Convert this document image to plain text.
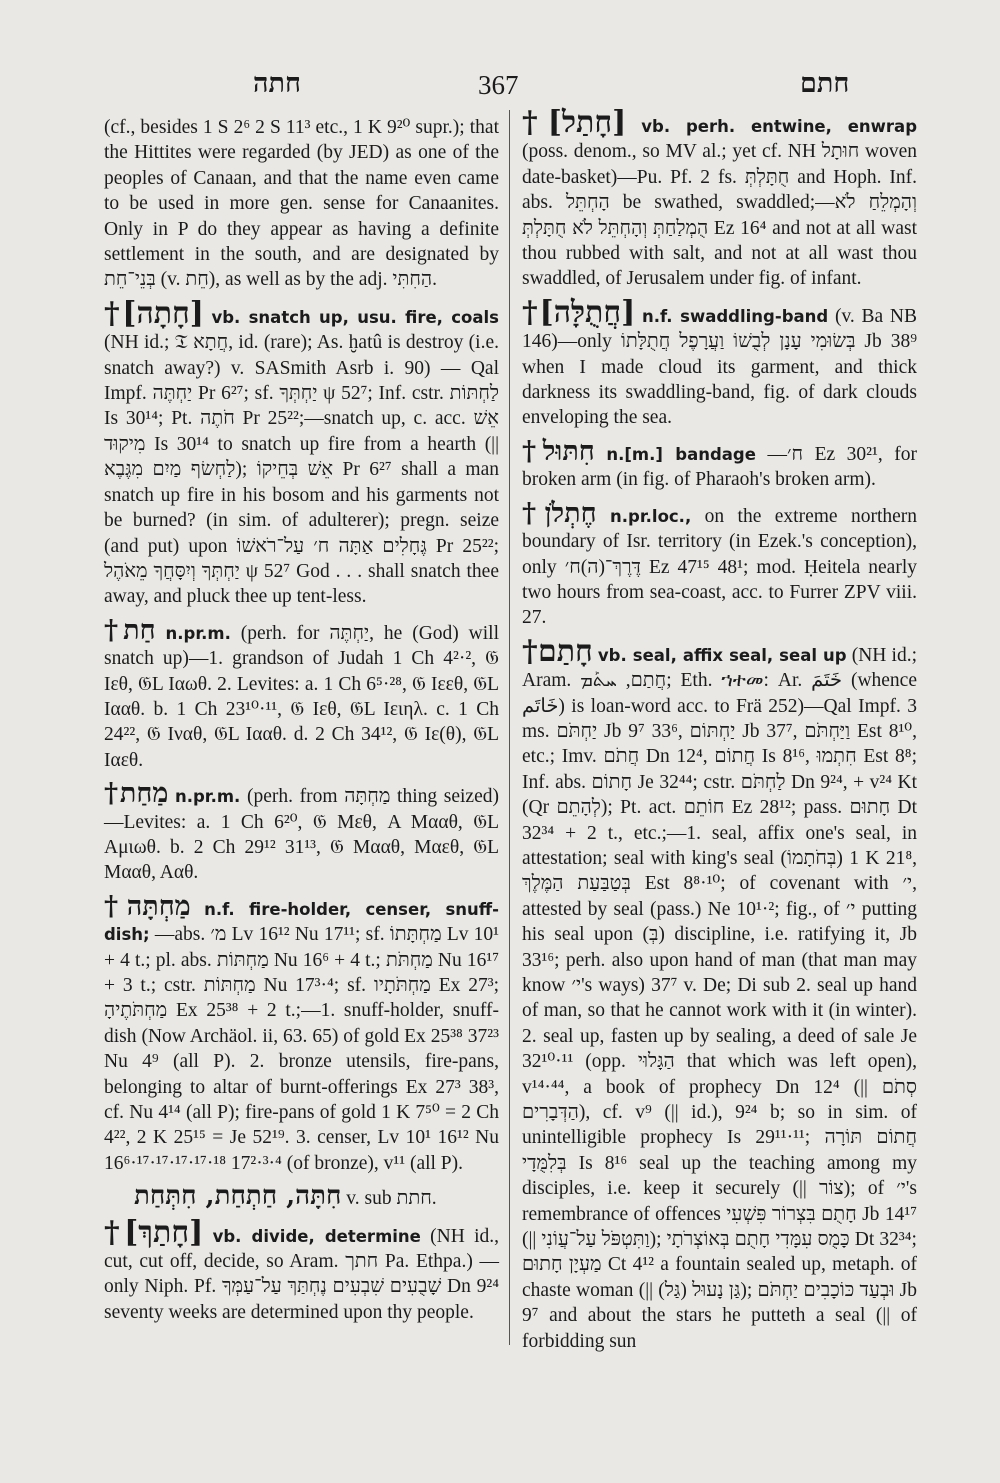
חתה	367	חתם

(cf., besides 1 S 2⁶ 2 S 11³ etc., 1 K 9²⁰ supr.); that the Hittites were regarded (by JED) as one of the peoples of Canaan, and that the name even came to be used in more gen. sense for Canaanites. Only in P do they appear as having a definite settlement in the south, and are designated by בְּנֵי־חֵת (v. חֵת), as well as by the adj. הַחִתִּי.

†[חָתָה] vb. snatch up, usu. fire, coals (NH id.; 𝔗 חֲתָא, id. (rare); As. ḫatû is destroy (i.e. snatch away?) v. SASmith Asrb i. 90) — Qal Impf. יַחְתֶּה Pr 6²⁷; sf. יַחְתְּךָ ψ 52⁷; Inf. cstr. לַחְתּוֹת Is 30¹⁴; Pt. חֹתֶה Pr 25²²;—snatch up, c. acc. אֵשׁ מִיקוּד Is 30¹⁴ to snatch up fire from a hearth (|| לַחְשׂף מַיִם מִגֶּבֶא); אֵשׁ בְּחֵיקוֹ Pr 6²⁷ shall a man snatch up fire in his bosom and his garments not be burned? (in sim. of adulterer); pregn. seize (and put) upon גֶּחָלִים אַתָּה ח׳ עַל־רֹאשׁוֹ Pr 25²²; יַחְתְּךָ וְיִסָּחֲךָ מֵאֹהֶל ψ 52⁷ God . . . shall snatch thee away, and pluck thee up tent-less.

†חַת n.pr.m. (perh. for יַחְתֶּה, he (God) will snatch up)—1. grandson of Judah 1 Ch 4²·², 𝔊 Ιεθ, 𝔊L Ιαωθ. 2. Levites: a. 1 Ch 6⁵·²⁸, 𝔊 Ιεεθ, 𝔊L Ιααθ. b. 1 Ch 23¹⁰·¹¹, 𝔊 Ιεθ, 𝔊L Ιειηλ. c. 1 Ch 24²², 𝔊 Ιναθ, 𝔊L Ιααθ. d. 2 Ch 34¹², 𝔊 Ιε(θ), 𝔊L Ιαεθ.

†מַחַת n.pr.m. (perh. from מַחְתָּה thing seized)—Levites: a. 1 Ch 6²⁰, 𝔊 Μεθ, A Μααθ, 𝔊L Αμιωθ. b. 2 Ch 29¹² 31¹³, 𝔊 Μααθ, Μαεθ, 𝔊L Μααθ, Ααθ.

†מַחְתָּה n.f. fire-holder, censer, snuff-dish; —abs. מ׳ Lv 16¹² Nu 17¹¹; sf. מַחְתָּתוֹ Lv 10¹ + 4 t.; pl. abs. מַחְתּוֹת Nu 16⁶ + 4 t.; מַחְתֹּת Nu 16¹⁷ + 3 t.; cstr. מַחְתּוֹת Nu 17³·⁴; sf. מַחְתֹּתָיו Ex 27³; מַחְתֹּתֶיהָ Ex 25³⁸ + 2 t.;—1. snuff-holder, snuff-dish (Now Archäol. ii, 63. 65) of gold Ex 25³⁸ 37²³ Nu 4⁹ (all P). 2. bronze utensils, fire-pans, belonging to altar of burnt-offerings Ex 27³ 38³, cf. Nu 4¹⁴ (all P); fire-pans of gold 1 K 7⁵⁰ = 2 Ch 4²², 2 K 25¹⁵ = Je 52¹⁹. 3. censer, Lv 10¹ 16¹² Nu 16⁶·¹⁷·¹⁷·¹⁷·¹⁷·¹⁸ 17²·³·⁴ (of bronze), v¹¹ (all P).

חִתָּה, חַתְחַת, חִתְּחַת v. sub חתת.

†[חָתַךְ] vb. divide, determine (NH id., cut, cut off, decide, so Aram. חתך Pa. Ethpa.) — only Niph. Pf. שָׁבֻעִים שִׁבְעִים נֶחְתַּךְ עַל־עַמְּךָ Dn 9²⁴ seventy weeks are determined upon thy people.

†[חָתַל] vb. perh. entwine, enwrap (poss. denom., so MV al.; yet cf. NH חוּתָל woven date-basket)—Pu. Pf. 2 fs. חֻתָּלְתְּ and Hoph. Inf. abs. הָחְתֵּל be swathed, swaddled;—וְהָמְלֵחַ לֹא הֻמְלַחַתְּ וְהָחְתֵּל לֹא חֻתָּלְתְּ Ez 16⁴ and not at all wast thou rubbed with salt, and not at all wast thou swaddled, of Jerusalem under fig. of infant.

†[חֲתֻלָּה] n.f. swaddling-band (v. Ba NB 146)—only בְּשׂוּמִי עָנָן לְבֻשׁוֹ וַעֲרָפֶל חֲתֻלָּתוֹ Jb 38⁹ when I made cloud its garment, and thick darkness its swaddling-band, fig. of dark clouds enveloping the sea.

†חִתּוּל n.[m.] bandage —ח׳ Ez 30²¹, for broken arm (in fig. of Pharaoh's broken arm).

†חֶתְלֹן n.pr.loc., on the extreme northern boundary of Isr. territory (in Ezek.'s conception), only דֶּרֶךְ־(ה)ח׳ Ez 47¹⁵ 48¹; mod. Ḥeitela nearly two hours from sea-coast, acc. to Furrer ZPV viii. 27.

†חָתַם vb. seal, affix seal, seal up (NH id.; Aram. חֲתַם, ܚܬܰܡ; Eth. ኀተመ: Ar. خَتَمَ (whence خَاتَم) is loan-word acc. to Frä 252)—Qal Impf. 3 ms. יַחְתֹּם Jb 9⁷ 33⁶, יַחְתּוֹם Jb 37⁷, וַיַּחְתֹּם Est 8¹⁰, etc.; Imv. חֲתֹם Dn 12⁴, חֲתוֹם Is 8¹⁶, חִתְמוּ Est 8⁸; Inf. abs. חָתוֹם Je 32⁴⁴; cstr. לַחְתֹּם Dn 9²⁴, + v²⁴ Kt (Qr לְהָתֵם); Pt. act. חוֹתֵם Ez 28¹²; pass. חָתוּם Dt 32³⁴ + 2 t., etc.;—1. seal, affix one's seal, in attestation; seal with king's seal (בְּחֹתָמוֹ) 1 K 21⁸, בְּטַבַּעַת הַמֶּלֶךְ Est 8⁸·¹⁰; of covenant with י׳, attested by seal (pass.) Ne 10¹·²; fig., of י׳ putting his seal upon (בְּ) discipline, i.e. ratifying it, Jb 33¹⁶; perh. also upon hand of man (that man may know י׳'s ways) 37⁷ v. De; Di sub 2. seal up hand of man, so that he cannot work with it (in winter). 2. seal up, fasten up by sealing, a deed of sale Je 32¹⁰·¹¹ (opp. הַגָּלוּי that which was left open), v¹⁴·⁴⁴, a book of prophecy Dn 12⁴ (|| סְתֹם הַדְּבָרִים), cf. v⁹ (|| id.), 9²⁴ b; so in sim. of unintelligible prophecy Is 29¹¹·¹¹; חֲתוֹם תּוֹרָה בְּלִמֻּדָי Is 8¹⁶ seal up the teaching among my disciples, i.e. keep it securely (|| צוֹר); of י׳'s remembrance of offences חָתֻם בִּצְרוֹר פִּשְׁעִי Jb 14¹⁷ (|| וַתִּטְפֹּל עַל־עֲוֹנִי); כָּמֻס עִמָּדִי חָתֻם בְּאוֹצְרֹתָי Dt 32³⁴; מַעְיָן חָתוּם Ct 4¹² a fountain sealed up, metaph. of chaste woman (|| גַּן נָעוּל (גַּל)); וּבְעַד כּוֹכָבִים יַחְתֹּם Jb 9⁷ and about the stars he putteth a seal (|| of forbidding sun
